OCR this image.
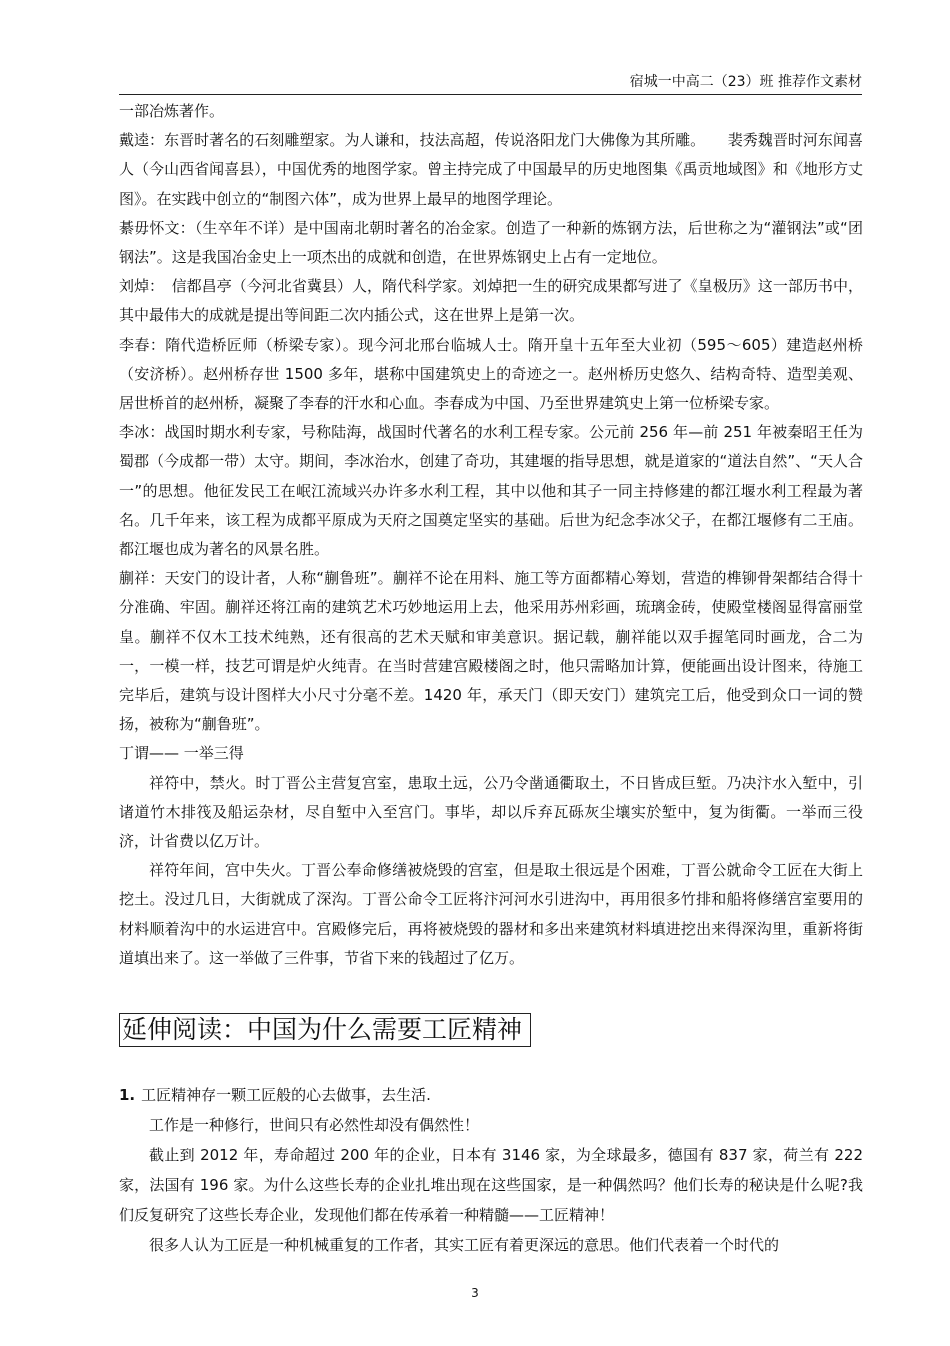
宿城一中高二（23）班 推荐作文素材

一部冶炼著作。

戴逵：东晋时著名的石刻雕塑家。为人谦和，技法高超，传说洛阳龙门大佛像为其所雕。　　裴秀魏晋时河东闻喜人（今山西省闻喜县），中国优秀的地图学家。曾主持完成了中国最早的历史地图集《禹贡地域图》和《地形方丈图》。在实践中创立的“制图六体”，成为世界上最早的地图学理论。

綦毋怀文：（生卒年不详）是中国南北朝时著名的冶金家。创造了一种新的炼钢方法，后世称之为“灌钢法”或“团钢法”。这是我国冶金史上一项杰出的成就和创造，在世界炼钢史上占有一定地位。

刘焯：　信都昌亭（今河北省冀县）人，隋代科学家。刘焯把一生的研究成果都写进了《皇极历》这一部历书中，其中最伟大的成就是提出等间距二次内插公式，这在世界上是第一次。

李春：隋代造桥匠师（桥梁专家）。现今河北邢台临城人士。隋开皇十五年至大业初（595～605）建造赵州桥（安济桥）。赵州桥存世 1500 多年，堪称中国建筑史上的奇迹之一。赵州桥历史悠久、结构奇特、造型美观、居世桥首的赵州桥，凝聚了李春的汗水和心血。李春成为中国、乃至世界建筑史上第一位桥梁专家。

李冰：战国时期水利专家，号称陆海，战国时代著名的水利工程专家。公元前 256 年—前 251 年被秦昭王任为蜀郡（今成都一带）太守。期间，李冰治水，创建了奇功，其建堰的指导思想，就是道家的“道法自然”、“天人合一”的思想。他征发民工在岷江流域兴办许多水利工程，其中以他和其子一同主持修建的都江堰水利工程最为著名。几千年来，该工程为成都平原成为天府之国奠定坚实的基础。后世为纪念李冰父子，在都江堰修有二王庙。都江堰也成为著名的风景名胜。

蒯祥：天安门的设计者，人称“蒯鲁班”。蒯祥不论在用料、施工等方面都精心筹划，营造的榫铆骨架都结合得十分准确、牢固。蒯祥还将江南的建筑艺术巧妙地运用上去，他采用苏州彩画，琉璃金砖，使殿堂楼阁显得富丽堂皇。蒯祥不仅木工技术纯熟，还有很高的艺术天赋和审美意识。据记载，蒯祥能以双手握笔同时画龙，合二为一，一模一样，技艺可谓是炉火纯青。在当时营建宫殿楼阁之时，他只需略加计算，便能画出设计图来，待施工完毕后，建筑与设计图样大小尺寸分毫不差。1420 年，承天门（即天安门）建筑完工后，他受到众口一词的赞扬，被称为“蒯鲁班”。

丁谓—— 一举三得

祥符中，禁火。时丁晋公主营复宫室，患取土远，公乃令凿通衢取土，不日皆成巨堑。乃决汴水入堑中，引诸道竹木排筏及船运杂材，尽自堑中入至宫门。事毕，却以斥弃瓦砾灰尘壤实於堑中，复为街衢。一举而三役济，计省费以亿万计。

祥符年间，宫中失火。丁晋公奉命修缮被烧毁的宫室，但是取土很远是个困难，丁晋公就命令工匠在大街上挖土。没过几日，大街就成了深沟。丁晋公命令工匠将汴河河水引进沟中，再用很多竹排和船将修缮宫室要用的材料顺着沟中的水运进宫中。宫殿修完后，再将被烧毁的器材和多出来建筑材料填进挖出来得深沟里，重新将街道填出来了。这一举做了三件事，节省下来的钱超过了亿万。

延伸阅读：中国为什么需要工匠精神

1. 工匠精神存一颗工匠般的心去做事，去生活.

工作是一种修行，世间只有必然性却没有偶然性！

截止到 2012 年，寿命超过 200 年的企业，日本有 3146 家，为全球最多，德国有 837 家，荷兰有 222 家，法国有 196 家。为什么这些长寿的企业扎堆出现在这些国家，是一种偶然吗？他们长寿的秘诀是什么呢?我们反复研究了这些长寿企业，发现他们都在传承着一种精髓——工匠精神！

很多人认为工匠是一种机械重复的工作者，其实工匠有着更深远的意思。他们代表着一个时代的

3
